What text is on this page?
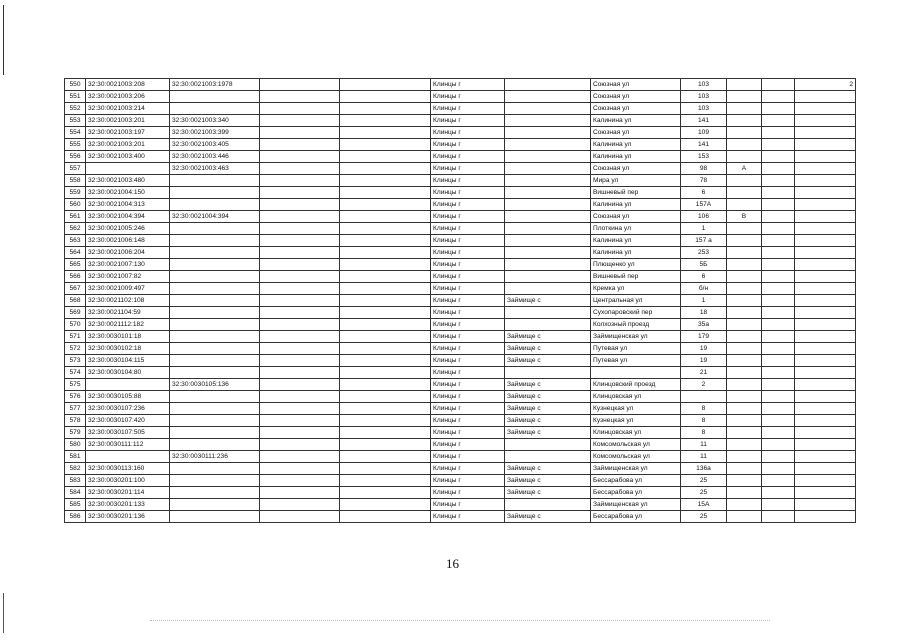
550	32:30:0021003:208	32:30:0021003:1978			Клинцы г		Союзная ул	103			2
551	32:30:0021003:206				Клинцы г		Союзная ул	103			
552	32:30:0021003:214				Клинцы г		Союзная ул	103			
553	32:30:0021003:201	32:30:0021003:340			Клинцы г		Калинина ул	141			
554	32:30:0021003:197	32:30:0021003:399			Клинцы г		Союзная ул	109			
555	32:30:0021003:201	32:30:0021003:405			Клинцы г		Калинина ул	141			
556	32:30:0021003:400	32:30:0021003:446			Клинцы г		Калинина ул	153			
557		32:30:0021003:463			Клинцы г		Союзная ул	98	А		
558	32:30:0021003:480				Клинцы г		Мира ул	78			
559	32:30:0021004:150				Клинцы г		Вишневый пер	6			
560	32:30:0021004:313				Клинцы г		Калинина ул	157А			
561	32:30:0021004:394	32:30:0021004:394			Клинцы г		Союзная ул	106	В		
562	32:30:0021005:246				Клинцы г		Плоткина ул	1			
563	32:30:0021006:148				Клинцы г		Калинина ул	157 а			
564	32:30:0021006:204				Клинцы г		Калинина ул	253			
565	32:30:0021007:130				Клинцы г		Плющенко ул	5Б			
566	32:30:0021007:82				Клинцы г		Вишневый пер	6			
567	32:30:0021009:497				Клинцы г		Кремка ул	б/н			
568	32:30:0021102:108				Клинцы г	Займище с	Центральная ул	1			
569	32:30:0021104:59				Клинцы г		Сухопаровский пер	18			
570	32:30:0021112:182				Клинцы г		Колхозный проезд	35а			
571	32:30:0030101:18				Клинцы г	Займище с	Займищенская ул	179			
572	32:30:0030102:18				Клинцы г	Займище с	Путевая ул	19			
573	32:30:0030104:115				Клинцы г	Займище с	Путевая ул	19			
574	32:30:0030104:80				Клинцы г			21			
575		32:30:0030105:136			Клинцы г	Займище с	Клинцовский проезд	2			
576	32:30:0030105:88				Клинцы г	Займище с	Клинцовская ул				
577	32:30:0030107:236				Клинцы г	Займище с	Кузнецкая ул	8			
578	32:30:0030107:420				Клинцы г	Займище с	Кузнецкая ул	8			
579	32:30:0030107:505				Клинцы г	Займище с	Клинцовская ул	8			
580	32:30:0030111:112				Клинцы г		Комсомольская ул	11			
581		32:30:0030111:236			Клинцы г		Комсомольская ул	11			
582	32:30:0030113:160				Клинцы г	Займище с	Займищенская ул	136а			
583	32:30:0030201:100				Клинцы г	Займище с	Бессарабова ул	25			
584	32:30:0030201:114				Клинцы г	Займище с	Бессарабова ул	25			
585	32:30:0030201:133				Клинцы г		Займищенская ул	15А			
586	32:30:0030201:136				Клинцы г	Займище с	Бессарабова ул	25			
16
